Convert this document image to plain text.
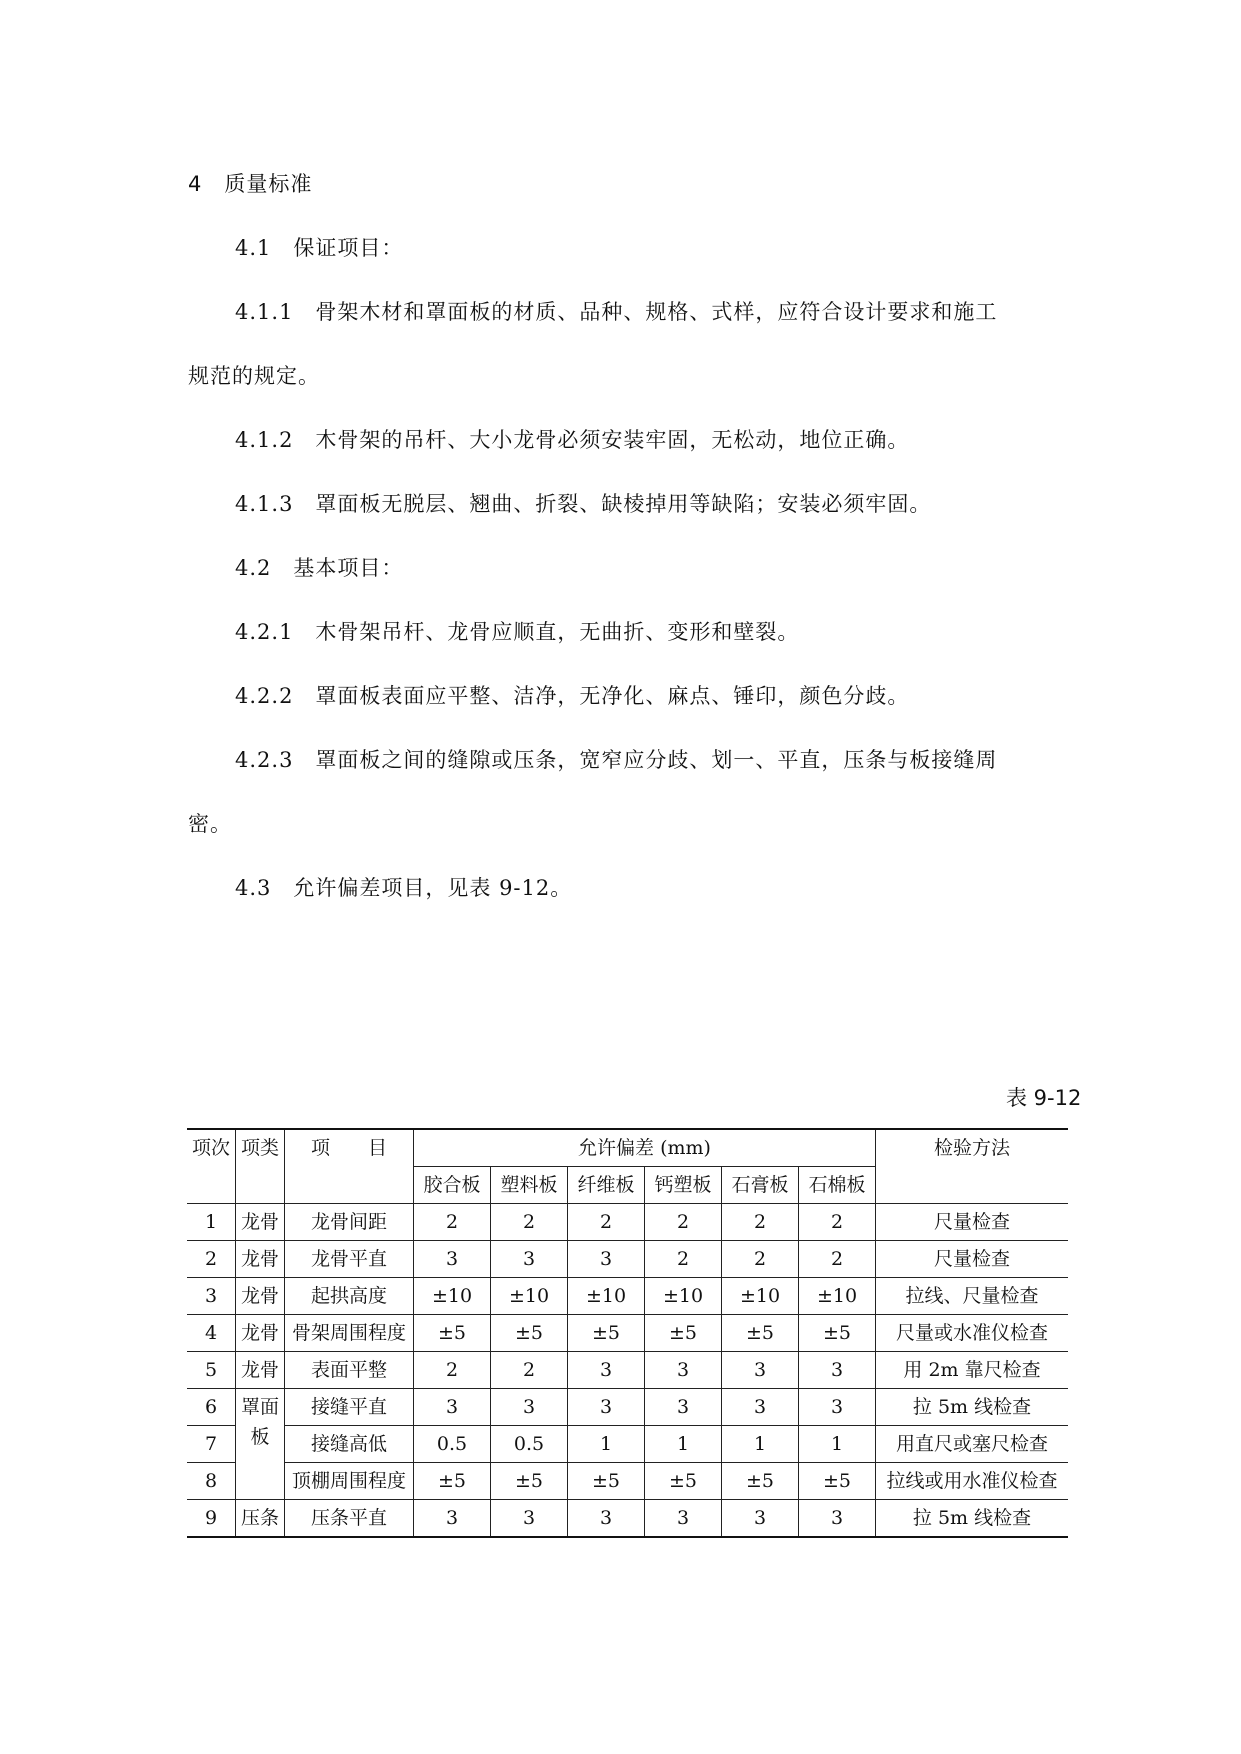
4　质量标准
4.1　保证项目：
4.1.1　骨架木材和罩面板的材质、品种、规格、式样，应符合设计要求和施工
规范的规定。
4.1.2　木骨架的吊杆、大小龙骨必须安装牢固，无松动，地位正确。
4.1.3　罩面板无脱层、翘曲、折裂、缺棱掉用等缺陷；安装必须牢固。
4.2　基本项目：
4.2.1　木骨架吊杆、龙骨应顺直，无曲折、变形和壁裂。
4.2.2　罩面板表面应平整、洁净，无净化、麻点、锤印，颜色分歧。
4.2.3　罩面板之间的缝隙或压条，宽窄应分歧、划一、平直，压条与板接缝周
密。
4.3　允许偏差项目，见表 9-12。
表 9-12
项次	项类	项　　目	允许偏差 (mm)						检验方法
			胶合板	塑料板	纤维板	钙塑板	石膏板	石棉板	
1	龙骨	龙骨间距	2	2	2	2	2	2	尺量检查
2	龙骨	龙骨平直	3	3	3	2	2	2	尺量检查
3	龙骨	起拱高度	±10	±10	±10	±10	±10	±10	拉线、尺量检查
4	龙骨	骨架周围程度	±5	±5	±5	±5	±5	±5	尺量或水准仪检查
5	龙骨	表面平整	2	2	3	3	3	3	用 2m 靠尺检查
6	罩面板	接缝平直	3	3	3	3	3	3	拉 5m 线检查
7		接缝高低	0.5	0.5	1	1	1	1	用直尺或塞尺检查
8		顶棚周围程度	±5	±5	±5	±5	±5	±5	拉线或用水准仪检查
9	压条	压条平直	3	3	3	3	3	3	拉 5m 线检查
